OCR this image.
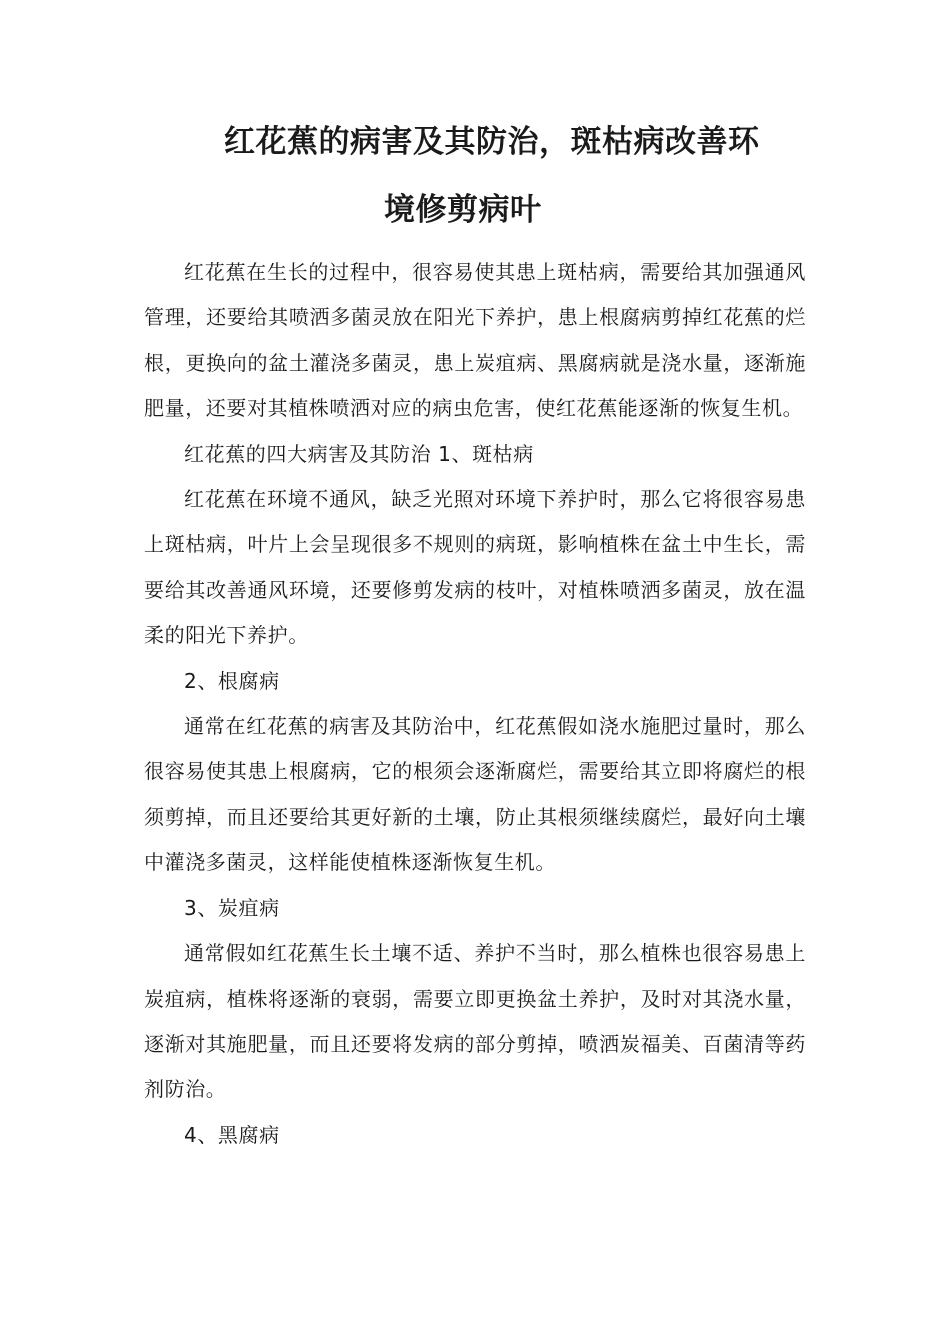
红花蕉的病害及其防治，斑枯病改善环
境修剪病叶

红花蕉在生长的过程中，很容易使其患上斑枯病，需要给其加强通风管理，还要给其喷洒多菌灵放在阳光下养护，患上根腐病剪掉红花蕉的烂根，更换向的盆土灌浇多菌灵，患上炭疽病、黑腐病就是浇水量，逐渐施肥量，还要对其植株喷洒对应的病虫危害，使红花蕉能逐渐的恢复生机。

红花蕉的四大病害及其防治 1、斑枯病

红花蕉在环境不通风，缺乏光照对环境下养护时，那么它将很容易患上斑枯病，叶片上会呈现很多不规则的病斑，影响植株在盆土中生长，需要给其改善通风环境，还要修剪发病的枝叶，对植株喷洒多菌灵，放在温柔的阳光下养护。

2、根腐病

通常在红花蕉的病害及其防治中，红花蕉假如浇水施肥过量时，那么很容易使其患上根腐病，它的根须会逐渐腐烂，需要给其立即将腐烂的根须剪掉，而且还要给其更好新的土壤，防止其根须继续腐烂，最好向土壤中灌浇多菌灵，这样能使植株逐渐恢复生机。

3、炭疽病

通常假如红花蕉生长土壤不适、养护不当时，那么植株也很容易患上炭疽病，植株将逐渐的衰弱，需要立即更换盆土养护，及时对其浇水量，逐渐对其施肥量，而且还要将发病的部分剪掉，喷洒炭福美、百菌清等药剂防治。

4、黑腐病
